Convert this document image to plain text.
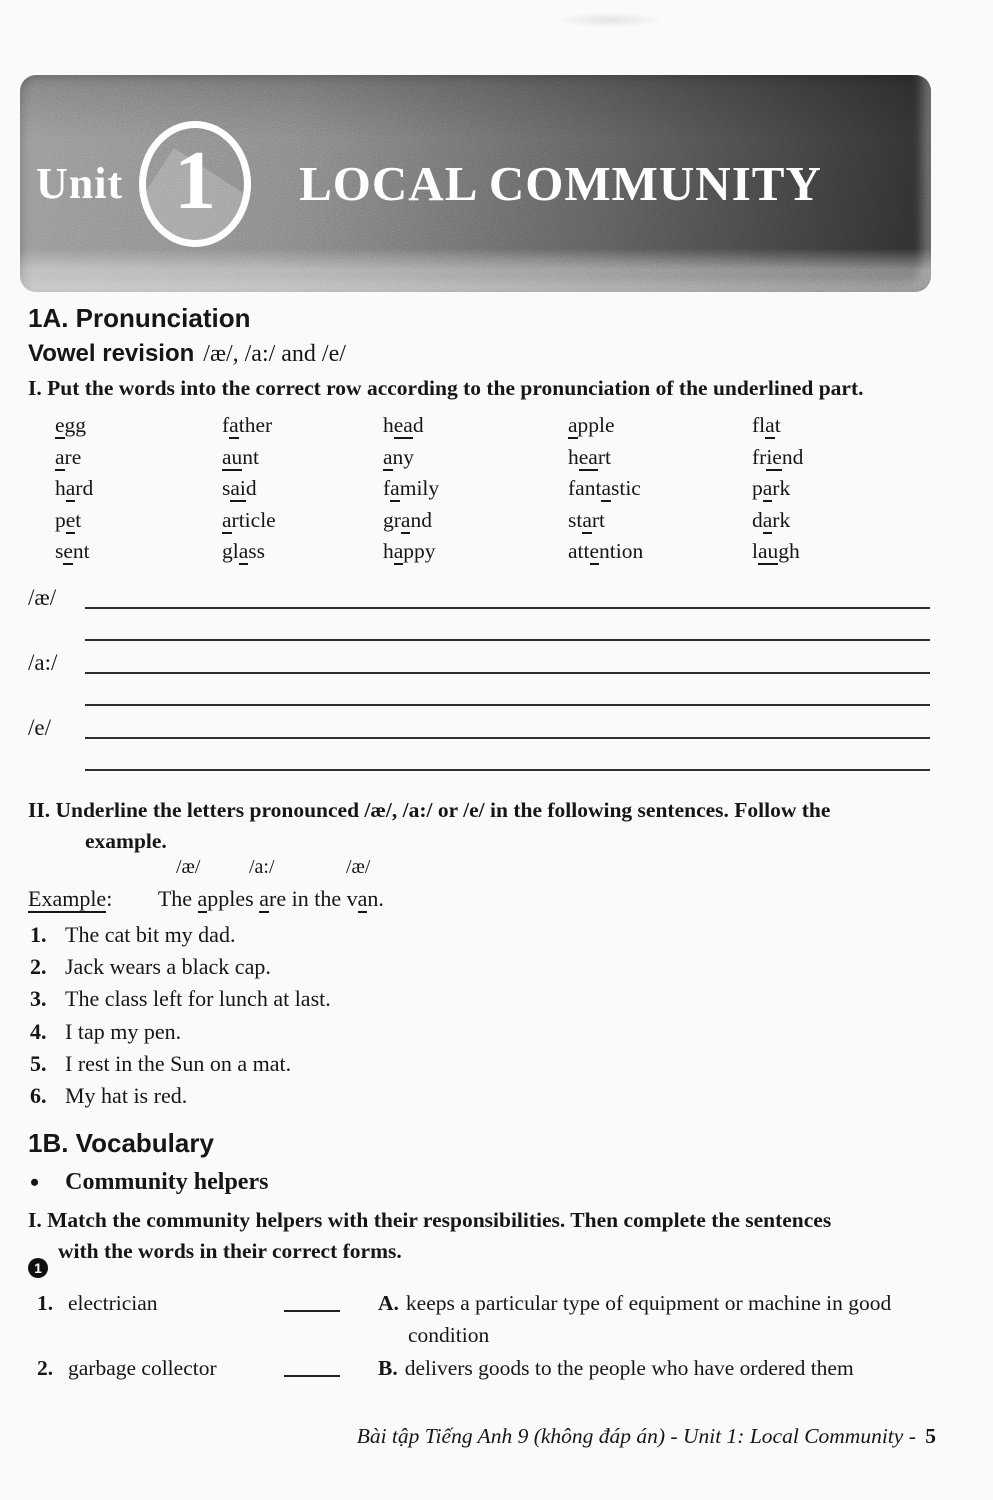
Unit 1 LOCAL COMMUNITY
1A. Pronunciation
Vowel revision /æ/, /a:/ and /e/
I. Put the words into the correct row according to the pronunciation of the underlined part.
egg	father	head	apple	flat
are	aunt	any	heart	friend
hard	said	family	fantastic	park
pet	article	grand	start	dark
sent	glass	happy	attention	laugh
/æ/
/a:/
/e/
II. Underline the letters pronounced /æ/, /a:/ or /e/ in the following sentences. Follow the
example.
/æ/ /a:/	/æ/
Example: The apples are in the van.
1. The cat bit my dad.
2. Jack wears a black cap.
3. The class left for lunch at last.
4. I tap my pen.
5. I rest in the Sun on a mat.
6. My hat is red.
1B. Vocabulary
• Community helpers
I. Match the community helpers with their responsibilities. Then complete the sentences
with the words in their correct forms.
1
1. electrician	A. keeps a particular type of equipment or machine in good
condition
2. garbage collector	B. delivers goods to the people who have ordered them
Bài tập Tiếng Anh 9 (không đáp án) - Unit 1: Local Community - 5
